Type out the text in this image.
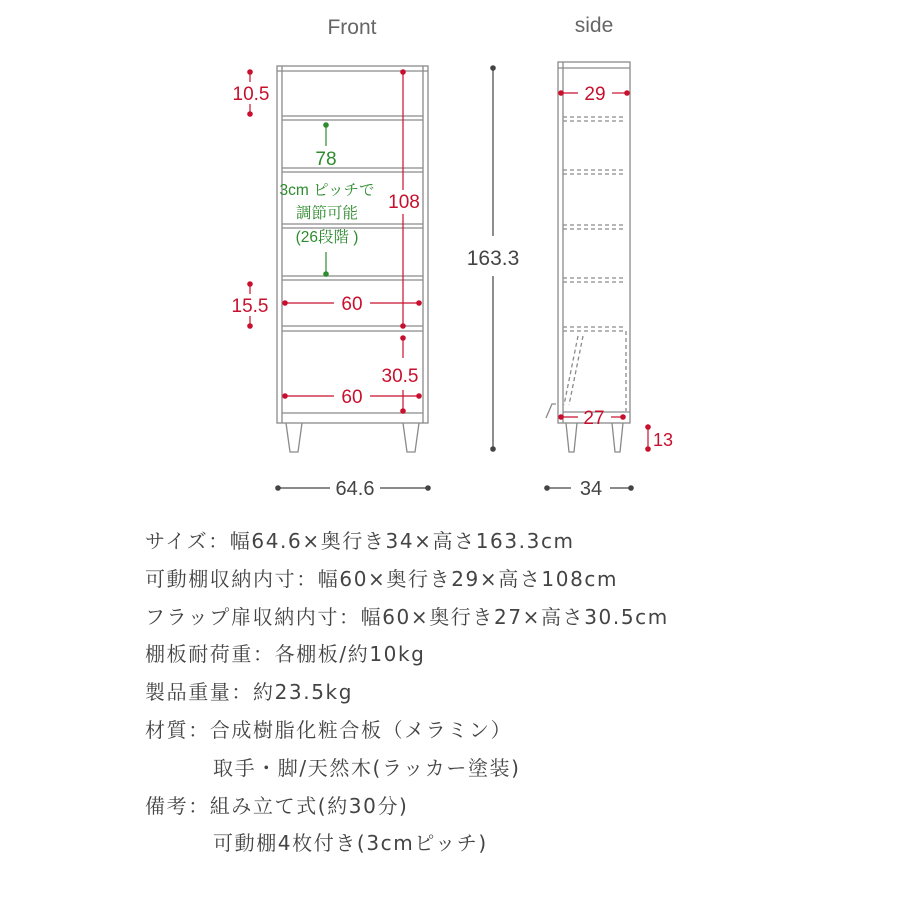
Front	side
10.5
108
78
3cm ピッチで
調節可能
(26段階 )
15.5	60
30.5
60
64.6
163.3
29
27
13
34
サイズ：幅64.6×奥行き34×高さ163.3cm
可動棚収納内寸：幅60×奥行き29×高さ108cm
フラップ扉収納内寸：幅60×奥行き27×高さ30.5cm
棚板耐荷重：各棚板/約10kg
製品重量：約23.5kg
材質：合成樹脂化粧合板（メラミン）
取手・脚/天然木(ラッカー塗装)
備考：組み立て式(約30分)
可動棚4枚付き(3cmピッチ)
